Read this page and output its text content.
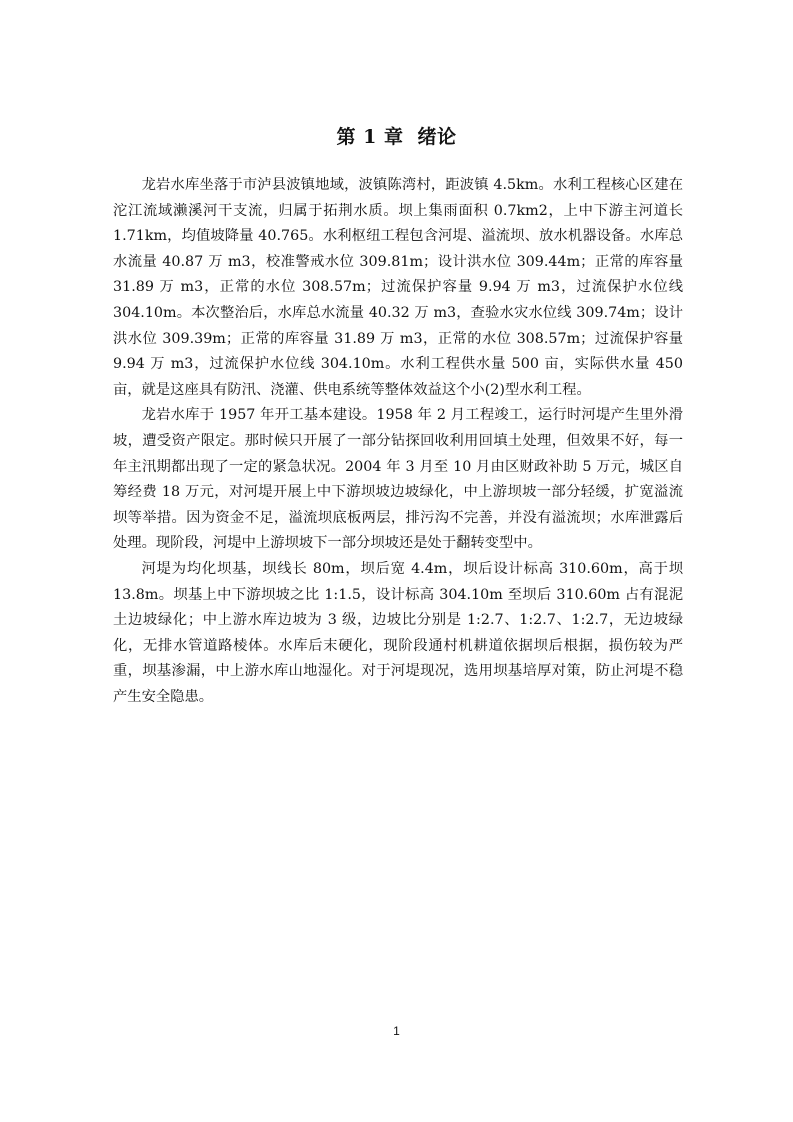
第 1 章 绪论

龙岩水库坐落于市泸县波镇地域，波镇陈湾村，距波镇 4.5km。水利工程核心区建在沱江流域濑溪河干支流，归属于拓荆水质。坝上集雨面积 0.7km2，上中下游主河道长 1.71km，均值坡降量 40.765。水利枢纽工程包含河堤、溢流坝、放水机器设备。水库总水流量 40.87 万 m3，校准警戒水位 309.81m；设计洪水位 309.44m；正常的库容量 31.89 万 m3，正常的水位 308.57m；过流保护容量 9.94 万 m3，过流保护水位线 304.10m。本次整治后，水库总水流量 40.32 万 m3，查验水灾水位线 309.74m；设计洪水位 309.39m；正常的库容量 31.89 万 m3，正常的水位 308.57m；过流保护容量 9.94 万 m3，过流保护水位线 304.10m。水利工程供水量 500 亩，实际供水量 450 亩，就是这座具有防汛、浇灌、供电系统等整体效益这个小(2)型水利工程。

龙岩水库于 1957 年开工基本建设。1958 年 2 月工程竣工，运行时河堤产生里外滑坡，遭受资产限定。那时候只开展了一部分钻探回收利用回填土处理，但效果不好，每一年主汛期都出现了一定的紧急状况。2004 年 3 月至 10 月由区财政补助 5 万元，城区自筹经费 18 万元，对河堤开展上中下游坝坡边坡绿化，中上游坝坡一部分轻缓，扩宽溢流坝等举措。因为资金不足，溢流坝底板两层，排污沟不完善，并没有溢流坝；水库泄露后处理。现阶段，河堤中上游坝坡下一部分坝坡还是处于翻转变型中。

河堤为均化坝基，坝线长 80m，坝后宽 4.4m，坝后设计标高 310.60m，高于坝 13.8m。坝基上中下游坝坡之比 1:1.5，设计标高 304.10m 至坝后 310.60m 占有混泥土边坡绿化；中上游水库边坡为 3 级，边坡比分别是 1:2.7、1:2.7、1:2.7，无边坡绿化，无排水管道路棱体。水库后末硬化，现阶段通村机耕道依据坝后根据，损伤较为严重，坝基渗漏，中上游水库山地湿化。对于河堤现况，选用坝基培厚对策，防止河堤不稳产生安全隐患。

1
